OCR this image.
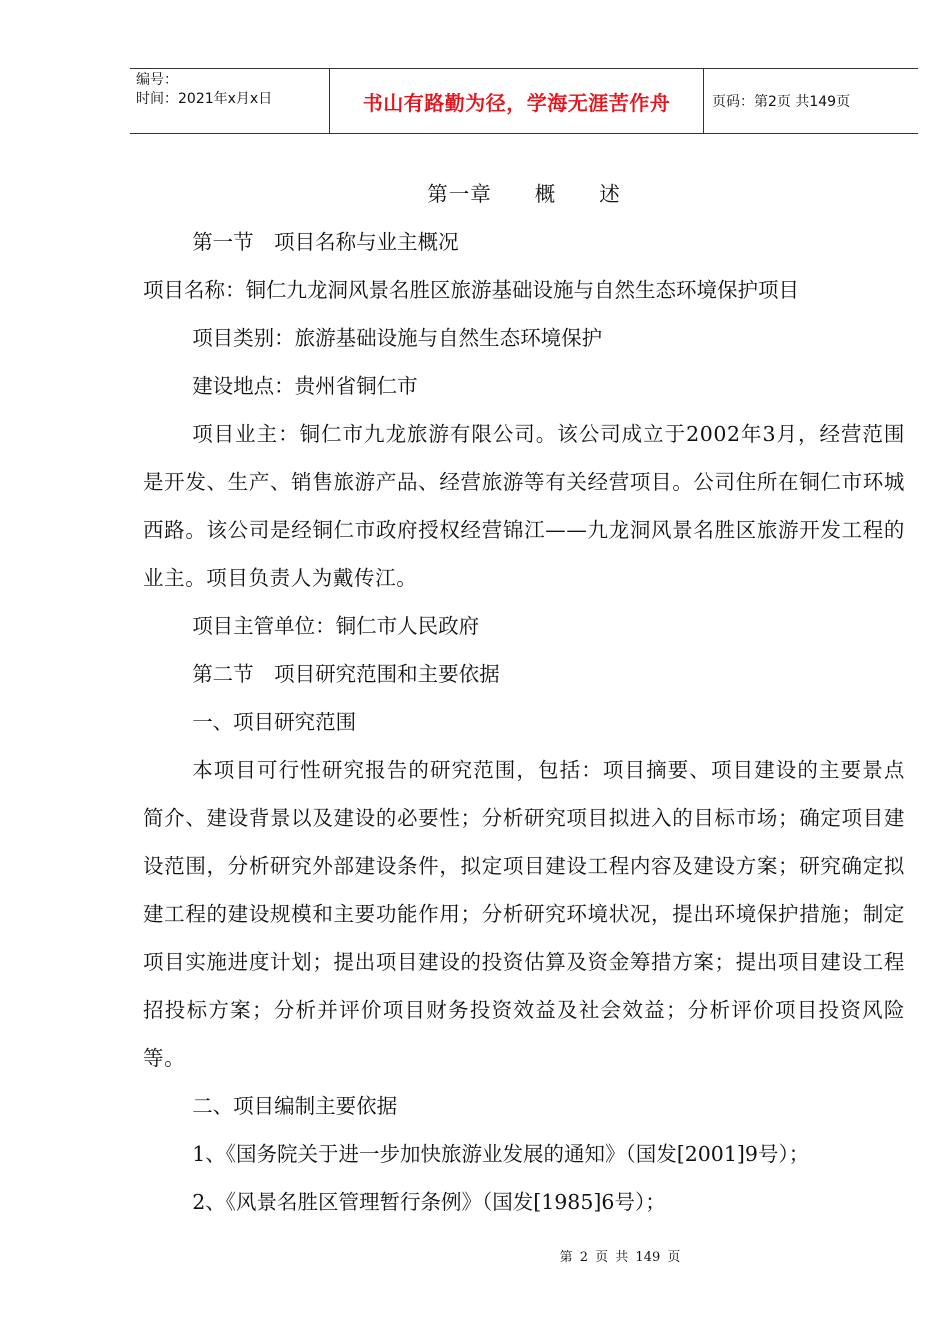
编号：
时间：2021年x月x日	书山有路勤为径，学海无涯苦作舟	页码：第2页 共149页
第一章　　概　　述
第一节　项目名称与业主概况
项目名称：铜仁九龙洞风景名胜区旅游基础设施与自然生态环境保护项目
项目类别：旅游基础设施与自然生态环境保护
建设地点：贵州省铜仁市
项目业主：铜仁市九龙旅游有限公司。该公司成立于2002年3月，经营范围是开发、生产、销售旅游产品、经营旅游等有关经营项目。公司住所在铜仁市环城西路。该公司是经铜仁市政府授权经营锦江——九龙洞风景名胜区旅游开发工程的业主。项目负责人为戴传江。
项目主管单位：铜仁市人民政府
第二节　项目研究范围和主要依据
一、项目研究范围
本项目可行性研究报告的研究范围，包括：项目摘要、项目建设的主要景点简介、建设背景以及建设的必要性；分析研究项目拟进入的目标市场；确定项目建设范围，分析研究外部建设条件，拟定项目建设工程内容及建设方案；研究确定拟建工程的建设规模和主要功能作用；分析研究环境状况，提出环境保护措施；制定项目实施进度计划；提出项目建设的投资估算及资金筹措方案；提出项目建设工程招投标方案；分析并评价项目财务投资效益及社会效益；分析评价项目投资风险等。
二、项目编制主要依据
1、《国务院关于进一步加快旅游业发展的通知》（国发[2001]9号）；
2、《风景名胜区管理暂行条例》（国发[1985]6号）；
第 2 页 共 149 页
